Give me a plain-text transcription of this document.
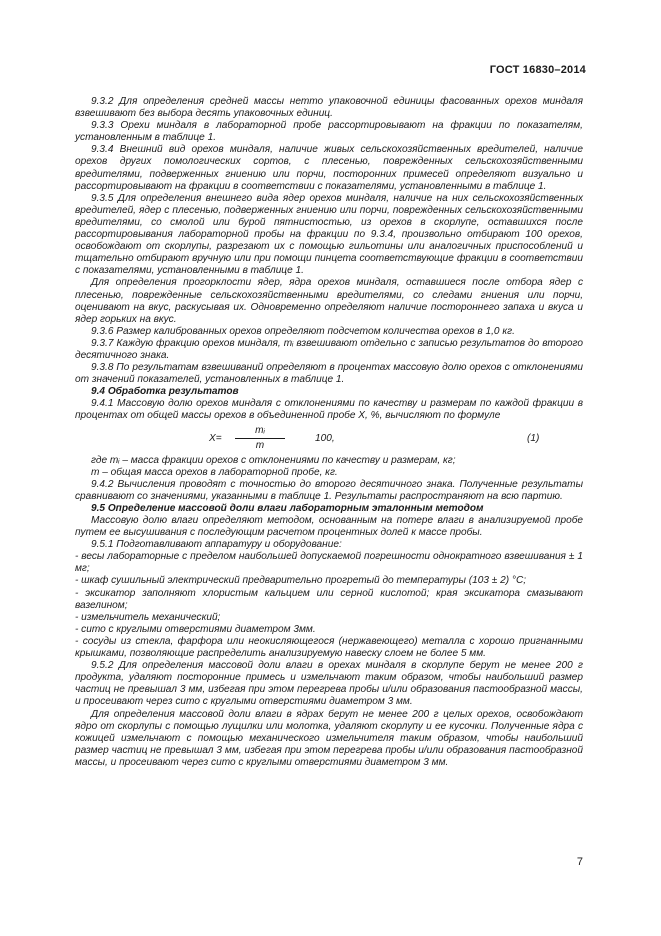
ГОСТ 16830–2014

9.3.2 Для определения средней массы нетто упаковочной единицы фасованных орехов миндаля взвешивают без выбора десять упаковочных единиц.

9.3.3 Орехи миндаля в лабораторной пробе рассортировывают на фракции по показателям, установленным в таблице 1.

9.3.4 Внешний вид орехов миндаля, наличие живых сельскохозяйственных вредителей, наличие орехов других помологических сортов, с плесенью, поврежденных сельскохозяйственными вредителями, подверженных гниению или порчи, посторонних примесей определяют визуально и рассортировывают на фракции в соответствии с показателями, установленными в таблице 1.

9.3.5 Для определения внешнего вида ядер орехов миндаля, наличие на них сельскохозяйственных вредителей, ядер с плесенью, подверженных гниению или порчи, поврежденных сельскохозяйственными вредителями, со смолой или бурой пятнистостью, из орехов в скорлупе, оставшихся после рассортировывания лабораторной пробы на фракции по 9.3.4, произвольно отбирают 100 орехов, освобождают от скорлупы, разрезают их с помощью гильотины или аналогичных приспособлений и тщательно отбирают вручную или при помощи пинцета соответствующие фракции в соответствии с показателями, установленными в таблице 1.

Для определения прогорклости ядер, ядра орехов миндаля, оставшиеся после отбора ядер с плесенью, поврежденные сельскохозяйственными вредителями, со следами гниения или порчи, оценивают на вкус, раскусывая их. Одновременно определяют наличие постороннего запаха и вкуса и ядер горьких на вкус.

9.3.6 Размер калиброванных орехов определяют подсчетом количества орехов в 1,0 кг.

9.3.7 Каждую фракцию орехов миндаля, mᵢ взвешивают отдельно с записью результатов до второго десятичного знака.

9.3.8 По результатам взвешиваний определяют в процентах массовую долю орехов с отклонениями от значений показателей, установленных в таблице 1.

9.4 Обработка результатов

9.4.1 Массовую долю орехов миндаля с отклонениями по качеству и размерам по каждой фракции в процентах от общей массы орехов в объединенной пробе X, %, вычисляют по формуле

$X= \frac{\text{mᵢ}}{m}$	100,	(1)

где mᵢ – масса фракции орехов с отклонениями по качеству и размерам, кг;

m – общая масса орехов в лабораторной пробе, кг.

9.4.2 Вычисления проводят с точностью до второго десятичного знака. Полученные результаты сравнивают со значениями, указанными в таблице 1. Результаты распространяют на всю партию.

9.5 Определение массовой доли влаги лабораторным эталонным методом

Массовую долю влаги определяют методом, основанным на потере влаги в анализируемой пробе путем ее высушивания с последующим расчетом процентных долей к массе пробы.

9.5.1 Подготавливают аппаратуру и оборудование:

- весы лабораторные с пределом наибольшей допускаемой погрешности однократного взвешивания ± 1 мг;

- шкаф сушильный электрический предварительно прогретый до температуры (103 ± 2) °С;

- эксикатор заполняют хлористым кальцием или серной кислотой; края эксикатора смазывают вазелином;

- измельчитель механический;

- сито с круглыми отверстиями диаметром 3мм.

- сосуды из стекла, фарфора или неокисляющегося (нержавеющего) металла с хорошо пригнанными крышками, позволяющие распределить анализируемую навеску слоем не более 5 мм.

9.5.2 Для определения массовой доли влаги в орехах миндаля в скорлупе берут не менее 200 г продукта, удаляют посторонние примесь и измельчают таким образом, чтобы наибольший размер частиц не превышал 3 мм, избегая при этом перегрева пробы и/или образования пастообразной массы, и просеивают через сито с круглыми отверстиями диаметром 3 мм.

Для определения массовой доли влаги в ядрах берут не менее 200 г целых орехов, освобождают ядро от скорлупы с помощью лущилки или молотка, удаляют скорлупу и ее кусочки. Полученные ядра с кожицей измельчают с помощью механического измельчителя таким образом, чтобы наибольший размер частиц не превышал 3 мм, избегая при этом перегрева пробы и/или образования пастообразной массы, и просеивают через сито с круглыми отверстиями диаметром 3 мм.

7
